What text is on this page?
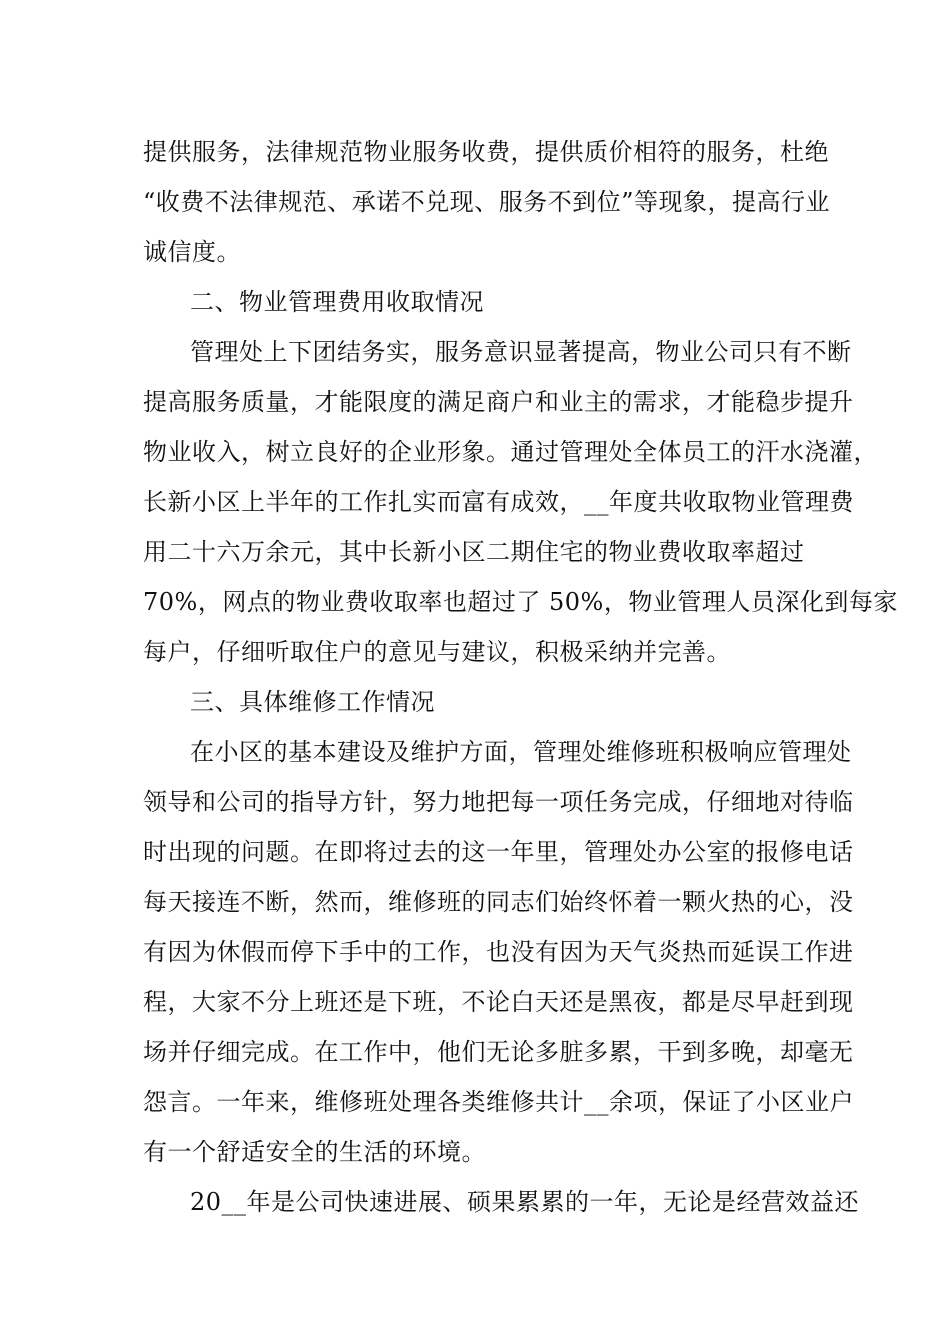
提供服务，法律规范物业服务收费，提供质价相符的服务，杜绝
“收费不法律规范、承诺不兑现、服务不到位”等现象，提高行业
诚信度。
二、物业管理费用收取情况
管理处上下团结务实，服务意识显著提高，物业公司只有不断
提高服务质量，才能限度的满足商户和业主的需求，才能稳步提升
物业收入，树立良好的企业形象。通过管理处全体员工的汗水浇灌，
长新小区上半年的工作扎实而富有成效，__年度共收取物业管理费
用二十六万余元，其中长新小区二期住宅的物业费收取率超过
70%，网点的物业费收取率也超过了 50%，物业管理人员深化到每家
每户，仔细听取住户的意见与建议，积极采纳并完善。
三、具体维修工作情况
在小区的基本建设及维护方面，管理处维修班积极响应管理处
领导和公司的指导方针，努力地把每一项任务完成，仔细地对待临
时出现的问题。在即将过去的这一年里，管理处办公室的报修电话
每天接连不断，然而，维修班的同志们始终怀着一颗火热的心，没
有因为休假而停下手中的工作，也没有因为天气炎热而延误工作进
程，大家不分上班还是下班，不论白天还是黑夜，都是尽早赶到现
场并仔细完成。在工作中，他们无论多脏多累，干到多晚，却毫无
怨言。一年来，维修班处理各类维修共计__余项，保证了小区业户
有一个舒适安全的生活的环境。
20__年是公司快速进展、硕果累累的一年，无论是经营效益还
